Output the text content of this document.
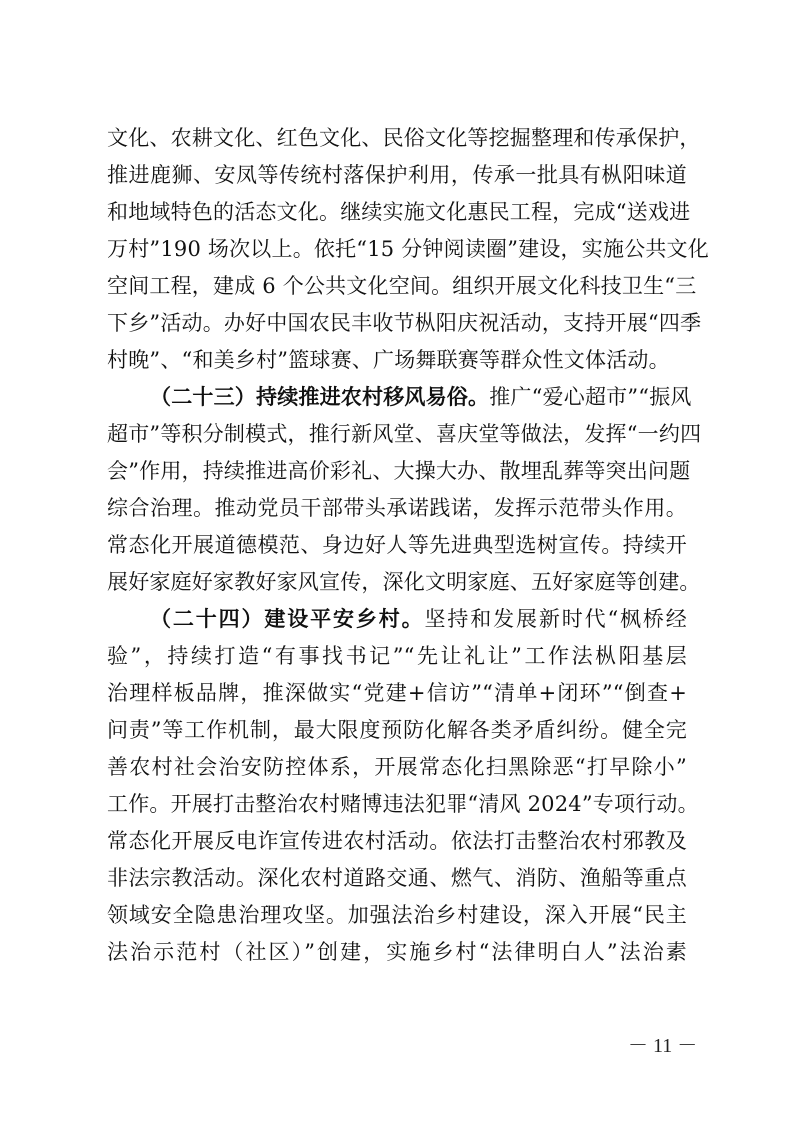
文化、农耕文化、红色文化、民俗文化等挖掘整理和传承保护，
推进鹿狮、安凤等传统村落保护利用，传承一批具有枞阳味道
和地域特色的活态文化。继续实施文化惠民工程，完成“送戏进
万村”190 场次以上。依托“15 分钟阅读圈”建设，实施公共文化
空间工程，建成 6 个公共文化空间。组织开展文化科技卫生“三
下乡”活动。办好中国农民丰收节枞阳庆祝活动，支持开展“四季
村晚”、“和美乡村”篮球赛、广场舞联赛等群众性文体活动。
（二十三）持续推进农村移风易俗。推广“爱心超市”“振风
超市”等积分制模式，推行新风堂、喜庆堂等做法，发挥“一约四
会”作用，持续推进高价彩礼、大操大办、散埋乱葬等突出问题
综合治理。推动党员干部带头承诺践诺，发挥示范带头作用。
常态化开展道德模范、身边好人等先进典型选树宣传。持续开
展好家庭好家教好家风宣传，深化文明家庭、五好家庭等创建。
（二十四）建设平安乡村。坚持和发展新时代“枫桥经
验”，持续打造“有事找书记”“先让礼让”工作法枞阳基层
治理样板品牌，推深做实“党建+信访”“清单+闭环”“倒查+
问责”等工作机制，最大限度预防化解各类矛盾纠纷。健全完
善农村社会治安防控体系，开展常态化扫黑除恶“打早除小”
工作。开展打击整治农村赌博违法犯罪“清风 2024”专项行动。
常态化开展反电诈宣传进农村活动。依法打击整治农村邪教及
非法宗教活动。深化农村道路交通、燃气、消防、渔船等重点
领域安全隐患治理攻坚。加强法治乡村建设，深入开展“民主
法治示范村（社区）”创建，实施乡村“法律明白人”法治素
－ 11 －
